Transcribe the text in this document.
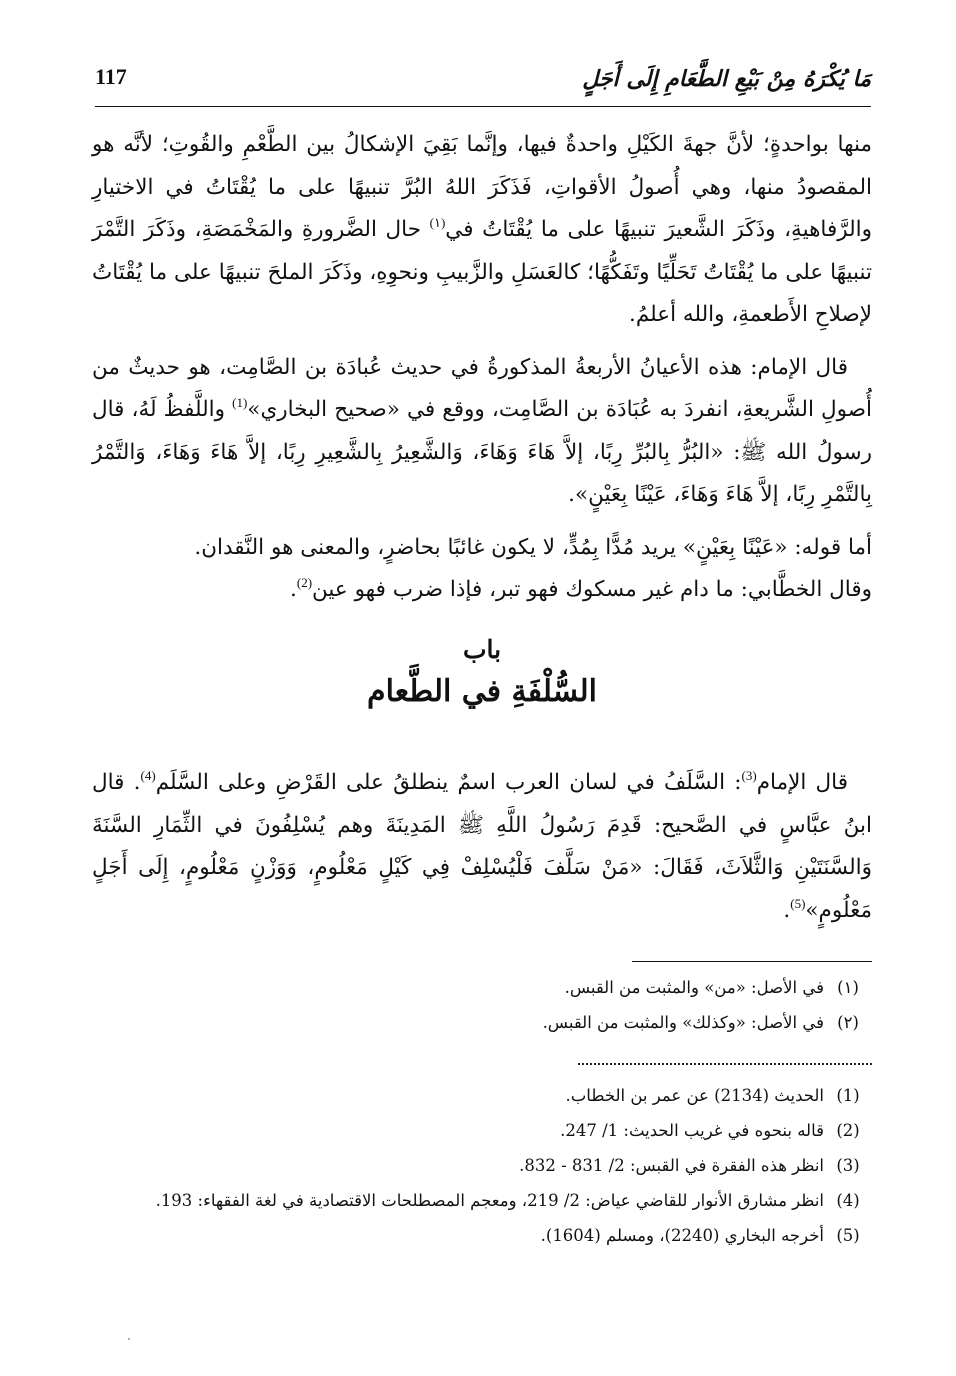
117	مَا يُكْرَهُ مِنْ بَيْعِ الطَّعَامِ إِلَى أَجَلٍ

منها بواحدةٍ؛ لأنَّ جهةَ الكَيْلِ واحدةٌ فيها، وإنَّما بَقِيَ الإشكالُ بين الطَّعْمِ والقُوتِ؛ لأنَّه هو المقصودُ منها، وهي أُصولُ الأقواتِ، فَذَكَرَ اللهُ البُرَّ تنبيهًا على ما يُقْتَاتُ في الاختيارِ والرَّفاهيةِ، وذَكَرَ الشَّعيرَ تنبيهًا على ما يُقْتَاتُ في$^{(١)}$ حال الضَّرورةِ والمَخْمَصَةِ، وذَكَرَ التَّمْرَ تنبيهًا على ما يُقْتَاتُ تَحَلِّيًا وتَفَكُّهًا؛ كالعَسَلِ والزَّبيبِ ونحوِهِ، وذَكَرَ الملحَ تنبيهًا على ما يُقْتَاتُ لإصلاحِ الأَطعمةِ، والله أعلمُ.

قال الإمام: هذه الأعيانُ الأربعةُ المذكورةُ في حديث عُبادَة بن الصَّامِت، هو حديثٌ من أُصولِ الشَّريعةِ، انفردَ به عُبَادَة بن الصَّامِت، ووقع في «صحيح البخاري»$^{(1)}$ واللَّفظُ لَهُ، قال رسولُ الله ﷺ: «البُرُّ بِالبُرِّ رِبًا، إلاَّ هَاءَ وَهَاءَ، وَالشَّعِيرُ بِالشَّعِيرِ رِبًا، إلاَّ هَاءَ وَهَاءَ، وَالتَّمْرُ بِالتَّمْرِ رِبًا، إلاَّ هَاءَ وَهَاءَ، عَيْنًا بِعَيْنٍ».

أما قوله: «عَيْنًا بِعَيْنٍ» يريد مُدًّا بِمُدٍّ، لا يكون غائبًا بحاضرٍ، والمعنى هو النَّقدان.
وقال الخطَّابي: ما دام غير مسكوك فهو تبر، فإذا ضرب فهو عين$^{(2)}$.

باب
السُّلْفَةِ في الطَّعام

قال الإمام$^{(3)}$: السَّلَفُ في لسان العرب اسمٌ ينطلقُ على القَرْضِ وعلى السَّلَم$^{(4)}$. قال ابنُ عبَّاسٍ في الصَّحيح: قَدِمَ رَسُولُ اللَّهِ ﷺ المَدِينَةَ وهم يُسْلِفُونَ في الثِّمَارِ السَّنَةَ وَالسَّنَتَيْنِ وَالثَّلاَثَ، فَقَالَ: «مَنْ سَلَّفَ فَلْيُسْلِفْ فِي كَيْلٍ مَعْلُومٍ، وَوَزْنٍ مَعْلُومٍ، إِلَى أَجَلٍ مَعْلُومٍ»$^{(5)}$.

(١)
في الأصل: «من» والمثبت من القبس.
(٢)
في الأصل: «وكذلك» والمثبت من القبس.
(1)
الحديث (2134) عن عمر بن الخطاب.
(2)
قاله بنحوه في غريب الحديث: 1/ 247.
(3)
انظر هذه الفقرة في القبس: 2/ 831 - 832.
(4)
انظر مشارق الأنوار للقاضي عياض: 2/ 219، ومعجم المصطلحات الاقتصادية في لغة الفقهاء: 193.
(5)
أخرجه البخاري (2240)، ومسلم (1604).
